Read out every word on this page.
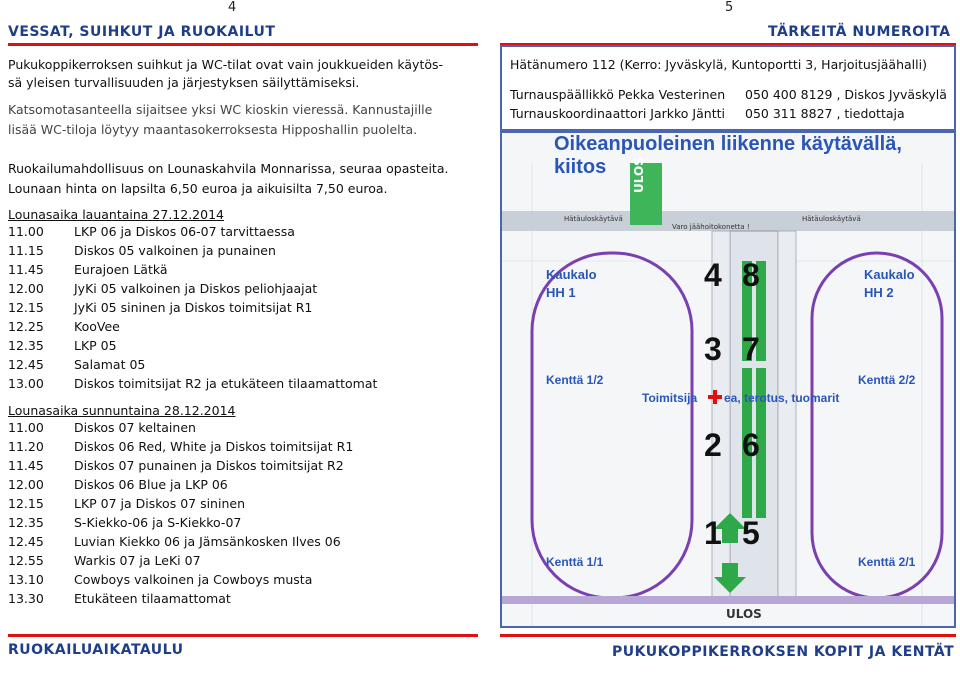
4
VESSAT, SUIHKUT JA RUOKAILUT

Pukukoppikerroksen suihkut ja WC-tilat ovat vain joukkueiden käytös-

sä yleisen turvallisuuden ja järjestyksen säilyttämiseksi.

Katsomotasanteella sijaitsee yksi WC kioskin vieressä. Kannustajille

lisää WC-tiloja löytyy maantasokerroksesta Hipposhallin puolelta.

Ruokailumahdollisuus on Lounaskahvila Monnarissa, seuraa opasteita.

Lounaan hinta on lapsilta 6,50 euroa ja aikuisilta 7,50 euroa.

Lounasaika lauantaina 27.12.2014
11.00	LKP 06 ja Diskos 06-07 tarvittaessa
11.15	Diskos 05 valkoinen ja punainen
11.45	Eurajoen Lätkä
12.00	JyKi 05 valkoinen ja Diskos peliohjaajat
12.15	JyKi 05 sininen ja Diskos toimitsijat R1
12.25	KooVee
12.35	LKP 05
12.45	Salamat 05
13.00	Diskos toimitsijat R2 ja etukäteen tilaamattomat
Lounasaika sunnuntaina 28.12.2014
11.00	Diskos 07 keltainen
11.20	Diskos 06 Red, White ja Diskos toimitsijat R1
11.45	Diskos 07 punainen ja Diskos toimitsijat R2
12.00	Diskos 06 Blue ja LKP 06
12.15	LKP 07 ja Diskos 07 sininen
12.35	S-Kiekko-06 ja S-Kiekko-07
12.45	Luvian Kiekko 06 ja Jämsänkosken Ilves 06
12.55	Warkis 07 ja LeKi 07
13.10	Cowboys valkoinen ja Cowboys musta
13.30	Etukäteen tilaamattomat
RUOKAILUAIKATAULU
5
TÄRKEITÄ NUMEROITA
Hätänumero 112 (Kerro: Jyväskylä, Kuntoportti 3, Harjoitusjäähalli)
Turnauspäällikkö Pekka Vesterinen	050 400 8129 , Diskos Jyväskylä
Turnauskoordinaattori Jarkko Jäntti	050 311 8827 , tiedottaja
Oikeanpuoleinen liikenne käytävällä, kiitos	ULOS
Hätäuloskäytävä	Hätäuloskäytävä
Varo jäähoitokonetta !
Kaukalo
HH 1
Kaukalo
HH 2
Kenttä 1/2	Kenttä 2/2
Kenttä 1/1	Kenttä 2/1
Toimitsija ea, terotus, tuomarit
4 8
3 7
2 6
1 5
ULOS
PUKUKOPPIKERROKSEN KOPIT JA KENTÄT
